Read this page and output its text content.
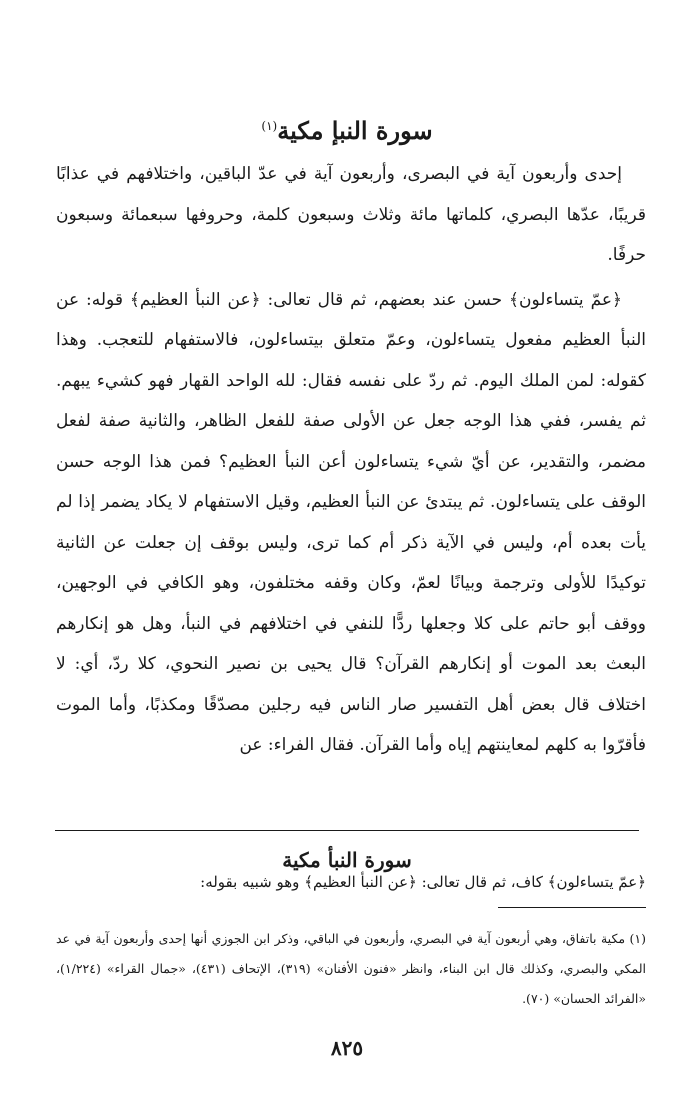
سورة النبإ مكية$^{(١)}$

إحدى وأربعون آية في البصرى، وأربعون آية في عدّ الباقين، واختلافهم في عذابًا قريبًا، عدّها البصري، كلماتها مائة وثلاث وسبعون كلمة، وحروفها سبعمائة وسبعون حرفًا.

﴿عمّ يتساءلون﴾ حسن عند بعضهم، ثم قال تعالى: ﴿عن النبأ العظيم﴾ قوله: عن النبأ العظيم مفعول يتساءلون، وعمّ متعلق بيتساءلون، فالاستفهام للتعجب. وهذا كقوله: لمن الملك اليوم. ثم ردّ على نفسه فقال: لله الواحد القهار فهو كشيء يبهم. ثم يفسر، ففي هذا الوجه جعل عن الأولى صفة للفعل الظاهر، والثانية صفة لفعل مضمر، والتقدير، عن أيّ شيء يتساءلون أعن النبأ العظيم؟ فمن هذا الوجه حسن الوقف على يتساءلون. ثم يبتدئ عن النبأ العظيم، وقيل الاستفهام لا يكاد يضمر إذا لم يأت بعده أم، وليس في الآية ذكر أم كما ترى، وليس بوقف إن جعلت عن الثانية توكيدًا للأولى وترجمة وبيانًا لعمّ، وكان وقفه مختلفون، وهو الكافي في الوجهين، ووقف أبو حاتم على كلا وجعلها ردًّا للنفي في اختلافهم في النبأ، وهل هو إنكارهم البعث بعد الموت أو إنكارهم القرآن؟ قال يحيى بن نصير النحوي، كلا ردّ، أي: لا اختلاف قال بعض أهل التفسير صار الناس فيه رجلين مصدّقًا ومكذبًا، وأما الموت فأقرّوا به كلهم لمعاينتهم إياه وأما القرآن. فقال الفراء: عن

سورة النبأ مكية
﴿عمّ يتساءلون﴾ كاف، ثم قال تعالى: ﴿عن النبأ العظيم﴾ وهو شبيه بقوله:
(١) مكية باتفاق، وهي أربعون آية في البصري، وأربعون في الباقي، وذكر ابن الجوزي أنها إحدى وأربعون آية في عد المكي والبصري، وكذلك قال ابن البناء، وانظر «فنون الأفنان» (٣١٩)، الإتحاف (٤٣١)، «جمال القراء» (١/٢٢٤)، «الفرائد الحسان» (٧٠).
٨٢٥
